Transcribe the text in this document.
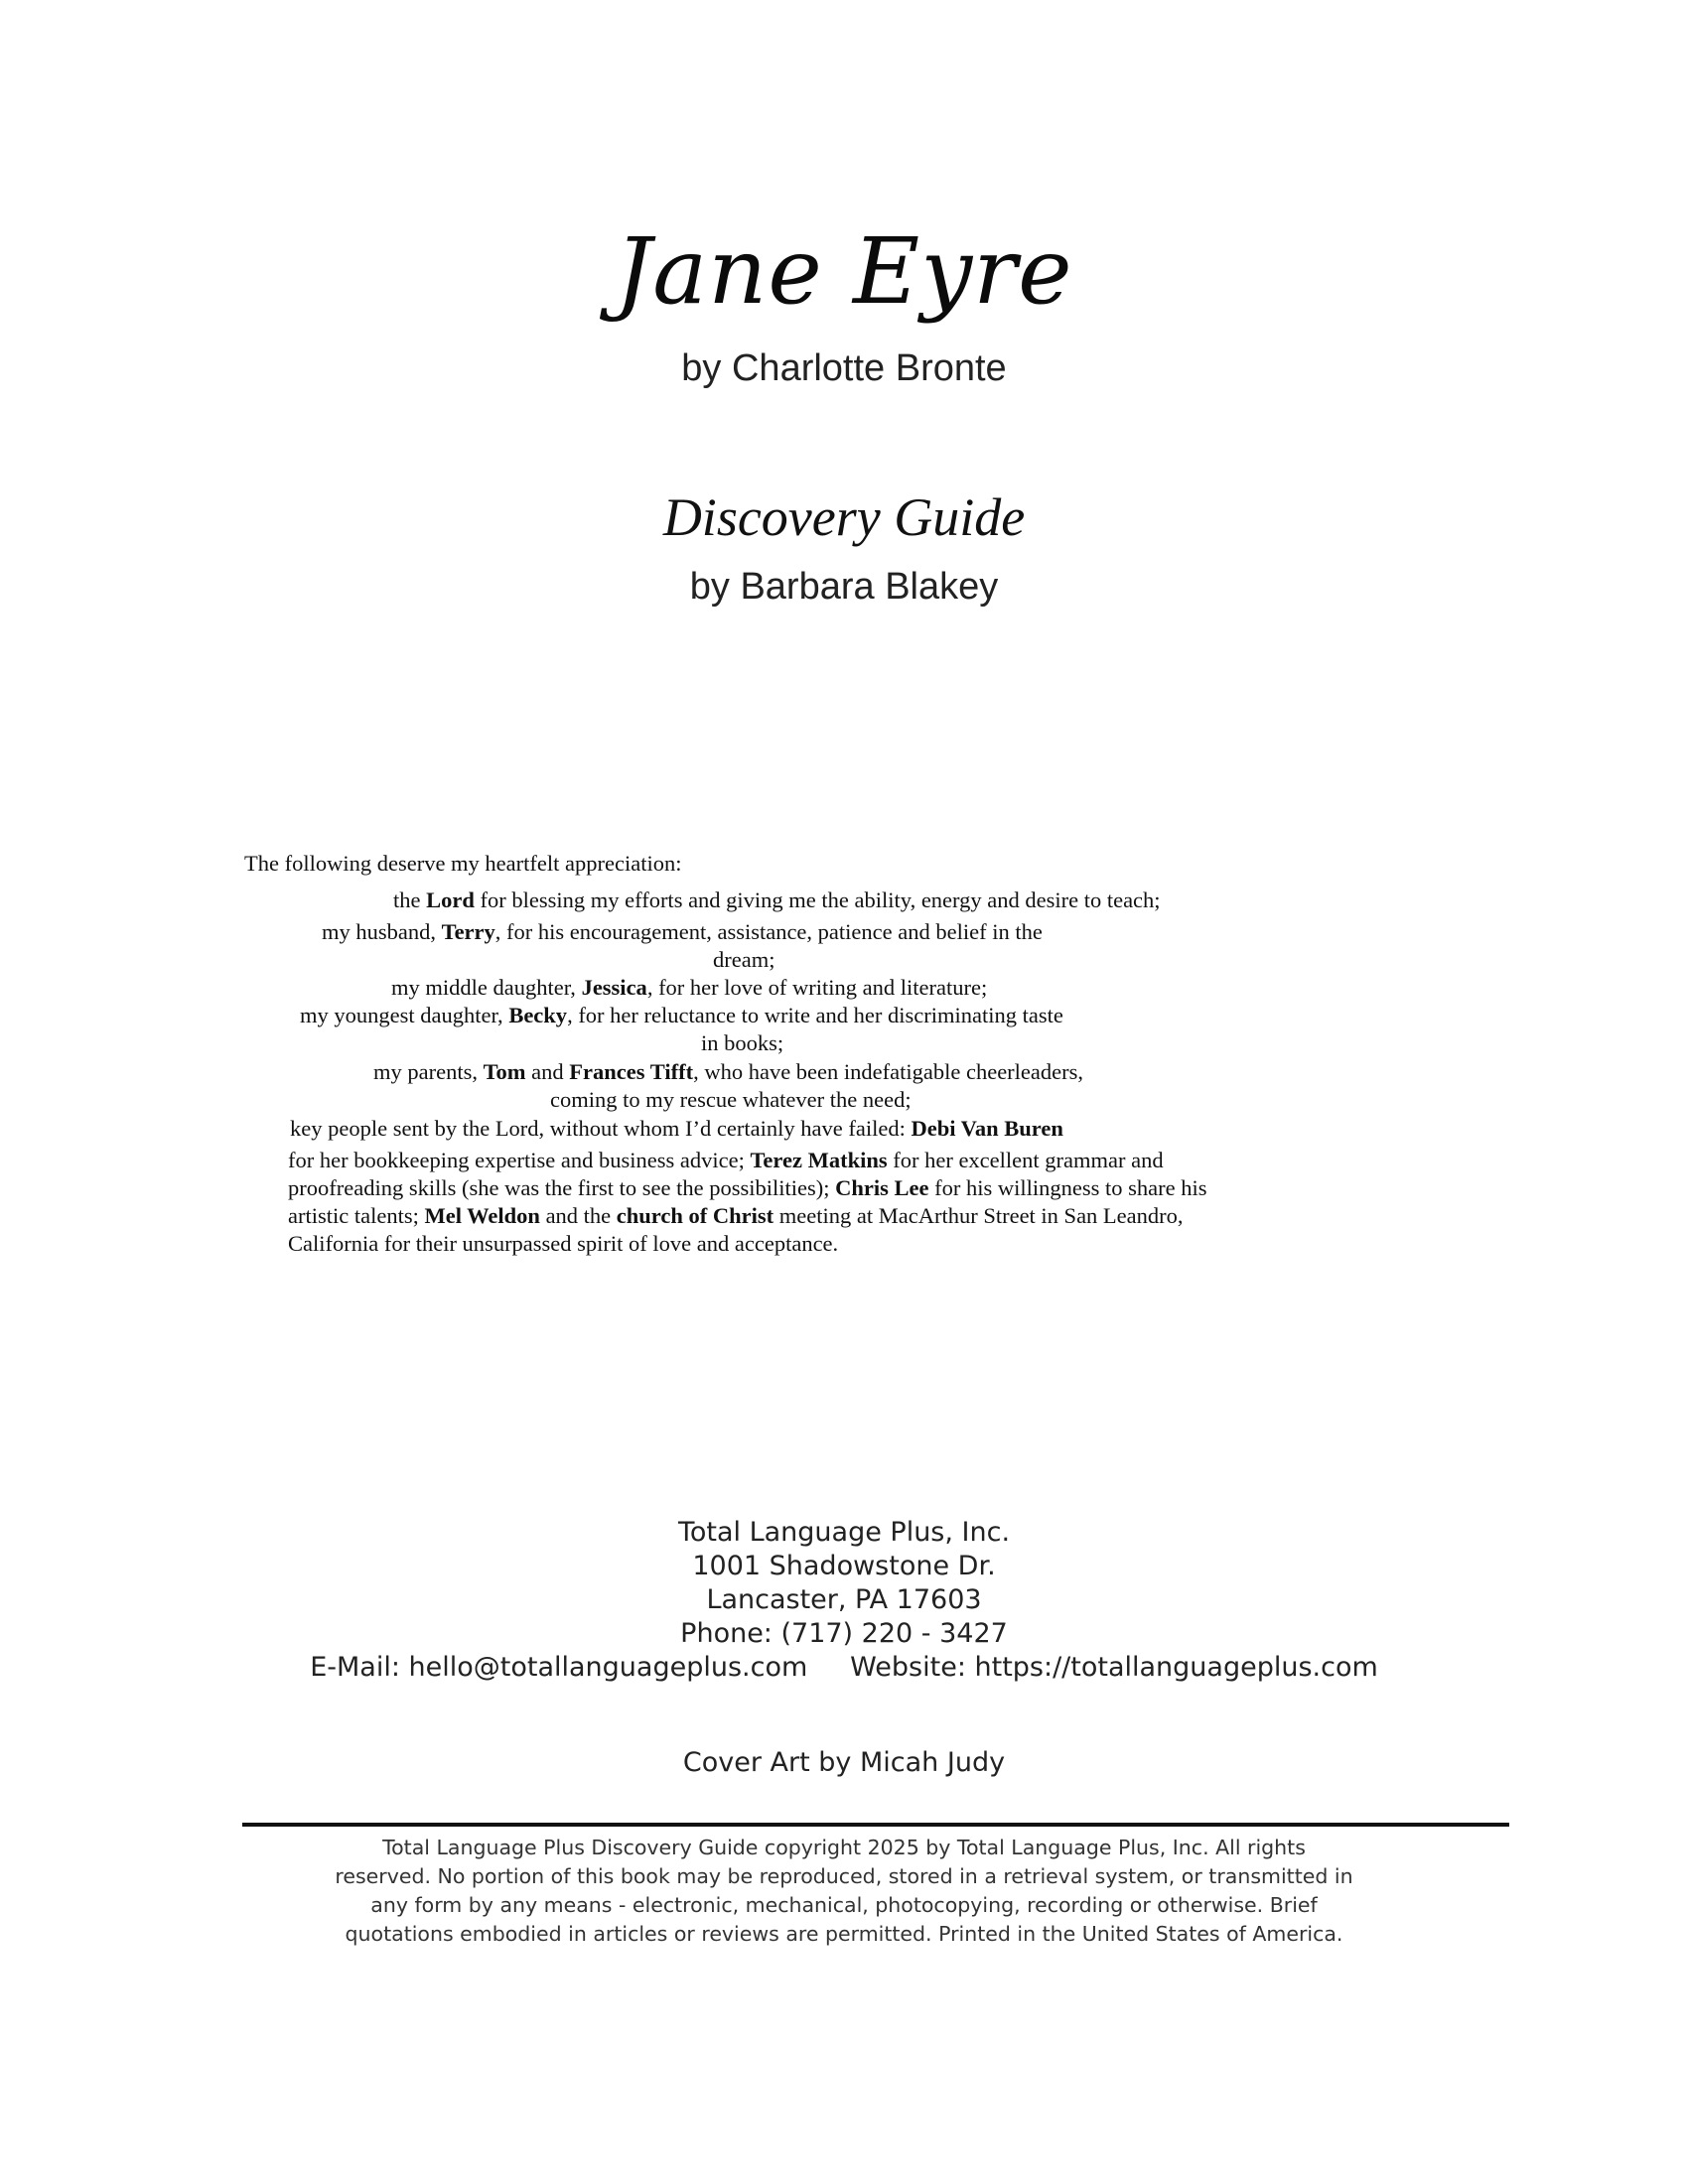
Jane Eyre
by Charlotte Bronte
Discovery Guide
by Barbara Blakey
The following deserve my heartfelt appreciation:
the Lord for blessing my efforts and giving me the ability, energy and desire to teach;
my husband, Terry, for his encouragement, assistance, patience and belief in the
dream;
my middle daughter, Jessica, for her love of writing and literature;
my youngest daughter, Becky, for her reluctance to write and her discriminating taste
in books;
my parents, Tom and Frances Tifft, who have been indefatigable cheerleaders,
coming to my rescue whatever the need;
key people sent by the Lord, without whom I’d certainly have failed: Debi Van Buren
for her bookkeeping expertise and business advice; Terez Matkins for her excellent grammar and
proofreading skills (she was the first to see the possibilities); Chris Lee for his willingness to share his
artistic talents; Mel Weldon and the church of Christ meeting at MacArthur Street in San Leandro,
California for their unsurpassed spirit of love and acceptance.
Total Language Plus, Inc.
1001 Shadowstone Dr.
Lancaster, PA 17603
Phone: (717) 220 - 3427
E-Mail: hello@totallanguageplus.com     Website: https://totallanguageplus.com
Cover Art by Micah Judy
Total Language Plus Discovery Guide copyright 2025 by Total Language Plus, Inc. All rights
reserved. No portion of this book may be reproduced, stored in a retrieval system, or transmitted in
any form by any means - electronic, mechanical, photocopying, recording or otherwise. Brief
quotations embodied in articles or reviews are permitted. Printed in the United States of America.
